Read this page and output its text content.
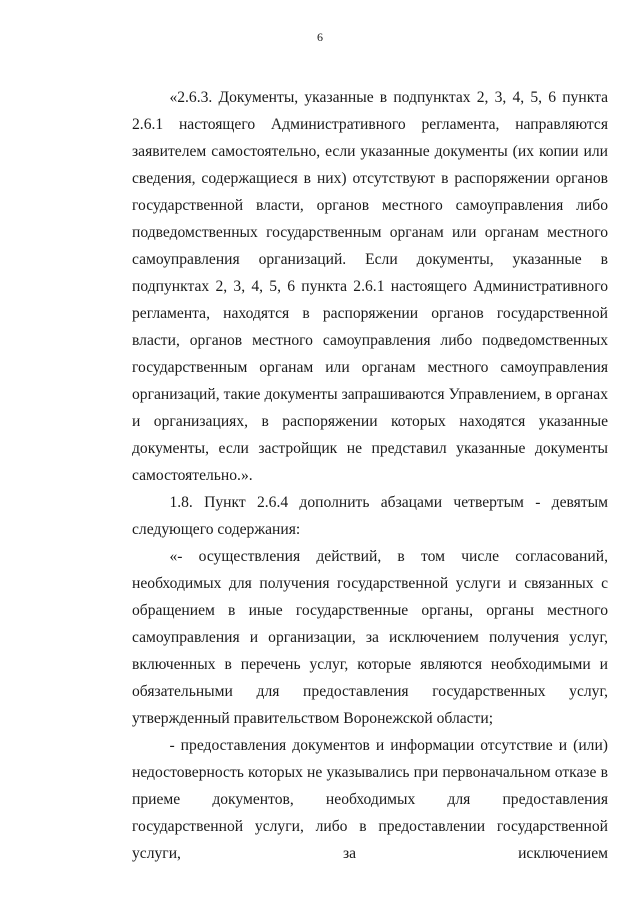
6

«2.6.3. Документы, указанные в подпунктах 2, 3, 4, 5, 6 пункта 2.6.1 настоящего Административного регламента, направляются заявителем самостоятельно, если указанные документы (их копии или сведения, содержащиеся в них) отсутствуют в распоряжении органов государственной власти, органов местного самоуправления либо подведомственных государственным органам или органам местного самоуправления организаций. Если документы, указанные в подпунктах 2, 3, 4, 5, 6 пункта 2.6.1 настоящего Административного регламента, находятся в распоряжении органов государственной власти, органов местного самоуправления либо подведомственных государственным органам или органам местного самоуправления организаций, такие документы запрашиваются Управлением, в органах и организациях, в распоряжении которых находятся указанные документы, если застройщик не представил указанные документы самостоятельно.».

1.8. Пункт 2.6.4 дополнить абзацами четвертым - девятым следующего содержания:

«- осуществления действий, в том числе согласований, необходимых для получения государственной услуги и связанных с обращением в иные государственные органы, органы местного самоуправления и организации, за исключением получения услуг, включенных в перечень услуг, которые являются необходимыми и обязательными для предоставления государственных услуг, утвержденный правительством Воронежской области;

- предоставления документов и информации отсутствие и (или) недостоверность которых не указывались при первоначальном отказе в приеме документов, необходимых для предоставления государственной услуги, либо в предоставлении государственной услуги, за исключением
